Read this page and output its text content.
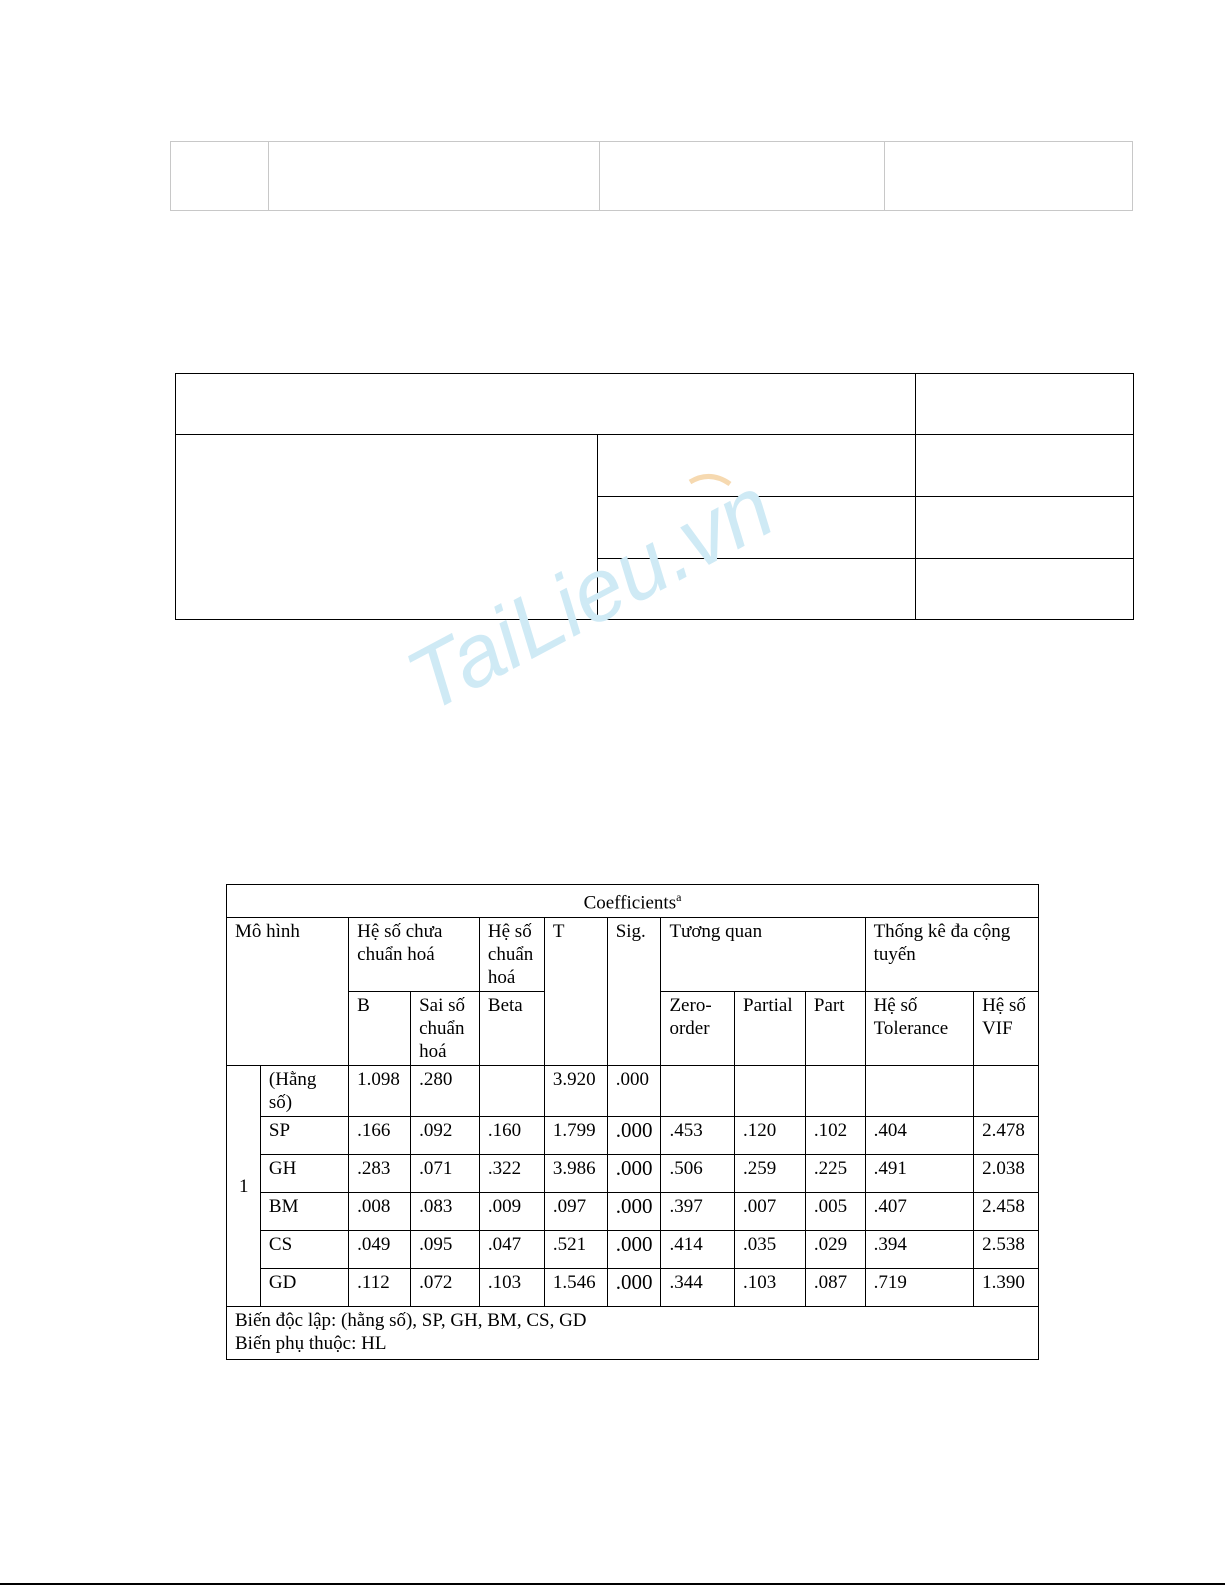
TaiLieu.vn
Coefficients$^a$
Mô hình		Hệ số chưa chuẩn hoá		Hệ số chuẩn hoá	T	Sig.	Tương quan			Thống kê đa cộng tuyến	
		B	Sai số chuẩn hoá	Beta			Zero-order	Partial	Part	Hệ số Tolerance	Hệ số VIF
1	(Hằng số)	1.098	.280		3.920	.000					
	SP	.166	.092	.160	1.799	.000	.453	.120	.102	.404	2.478
	GH	.283	.071	.322	3.986	.000	.506	.259	.225	.491	2.038
	BM	.008	.083	.009	.097	.000	.397	.007	.005	.407	2.458
	CS	.049	.095	.047	.521	.000	.414	.035	.029	.394	2.538
	GD	.112	.072	.103	1.546	.000	.344	.103	.087	.719	1.390

Biến độc lập: (hằng số), SP, GH, BM, CS, GD
Biến phụ thuộc: HL											
